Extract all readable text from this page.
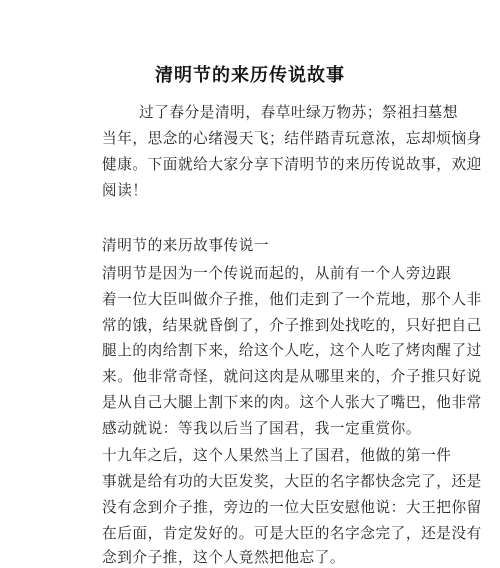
清明节的来历传说故事
过了春分是清明，春草吐绿万物苏；祭祖扫墓想
当年，思念的心绪漫天飞；结伴踏青玩意浓，忘却烦恼身
健康。下面就给大家分享下清明节的来历传说故事，欢迎
阅读！
清明节的来历故事传说一
清明节是因为一个传说而起的，从前有一个人旁边跟
着一位大臣叫做介子推，他们走到了一个荒地，那个人非
常的饿，结果就昏倒了，介子推到处找吃的，只好把自己
腿上的肉给割下来，给这个人吃，这个人吃了烤肉醒了过
来。他非常奇怪，就问这肉是从哪里来的，介子推只好说
是从自己大腿上割下来的肉。这个人张大了嘴巴，他非常
感动就说：等我以后当了国君，我一定重赏你。
十九年之后，这个人果然当上了国君，他做的第一件
事就是给有功的大臣发奖，大臣的名字都快念完了，还是
没有念到介子推，旁边的一位大臣安慰他说：大王把你留
在后面，肯定发好的。可是大臣的名字念完了，还是没有
念到介子推，这个人竟然把他忘了。
